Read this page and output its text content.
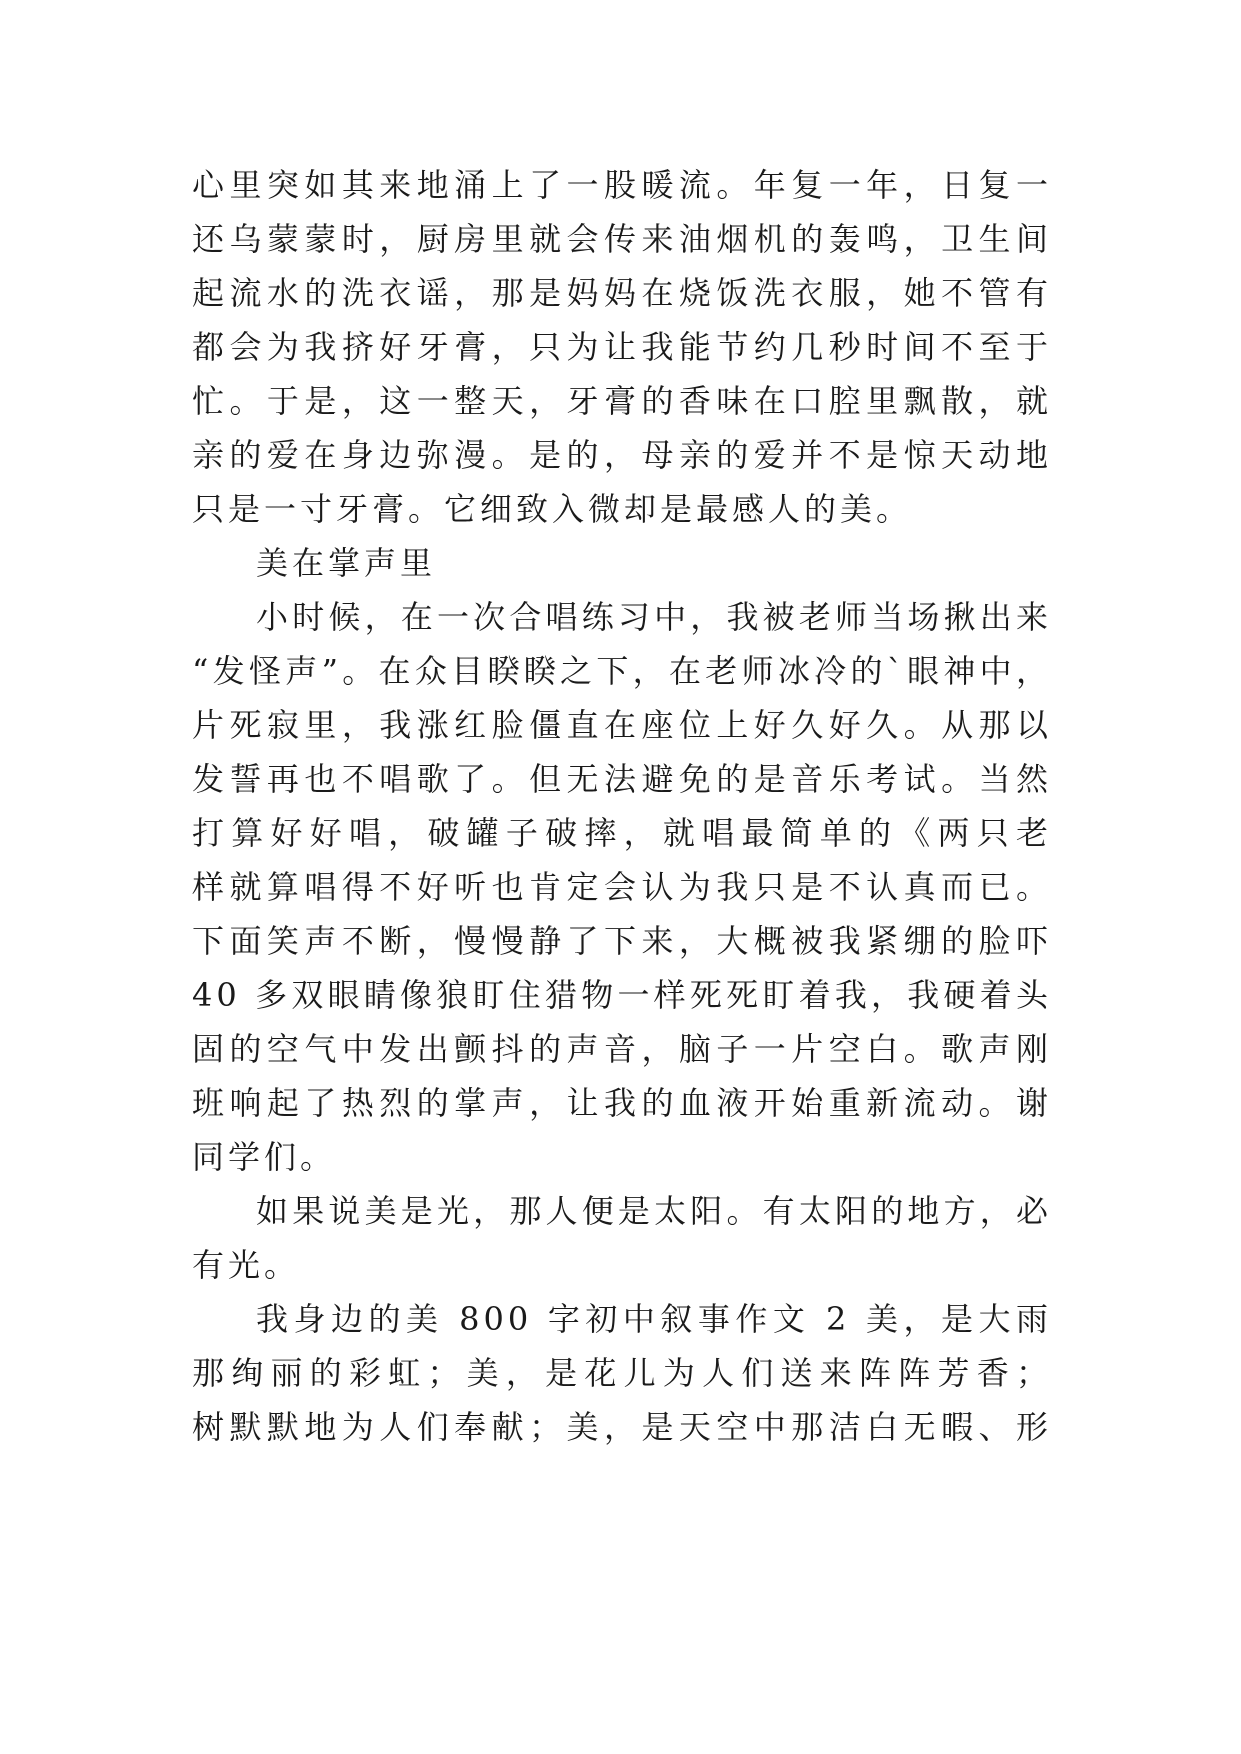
心里突如其来地涌上了一股暖流。年复一年，日复一
还乌蒙蒙时，厨房里就会传来油烟机的轰鸣，卫生间
起流水的洗衣谣，那是妈妈在烧饭洗衣服，她不管有
都会为我挤好牙膏，只为让我能节约几秒时间不至于
忙。于是，这一整天，牙膏的香味在口腔里飘散，就
亲的爱在身边弥漫。是的，母亲的爱并不是惊天动地
只是一寸牙膏。它细致入微却是最感人的美。
美在掌声里
小时候，在一次合唱练习中，我被老师当场揪出来
“发怪声”。在众目睽睽之下，在老师冰冷的`眼神中，
片死寂里，我涨红脸僵直在座位上好久好久。从那以
发誓再也不唱歌了。但无法避免的是音乐考试。当然
打算好好唱，破罐子破摔，就唱最简单的《两只老
样就算唱得不好听也肯定会认为我只是不认真而已。
下面笑声不断，慢慢静了下来，大概被我紧绷的脸吓
40 多双眼睛像狼盯住猎物一样死死盯着我，我硬着头
固的空气中发出颤抖的声音，脑子一片空白。歌声刚
班响起了热烈的掌声，让我的血液开始重新流动。谢
同学们。
如果说美是光，那人便是太阳。有太阳的地方，必
有光。
我身边的美 800 字初中叙事作文 2 美，是大雨
那绚丽的彩虹；美，是花儿为人们送来阵阵芳香；
树默默地为人们奉献；美，是天空中那洁白无暇、形
